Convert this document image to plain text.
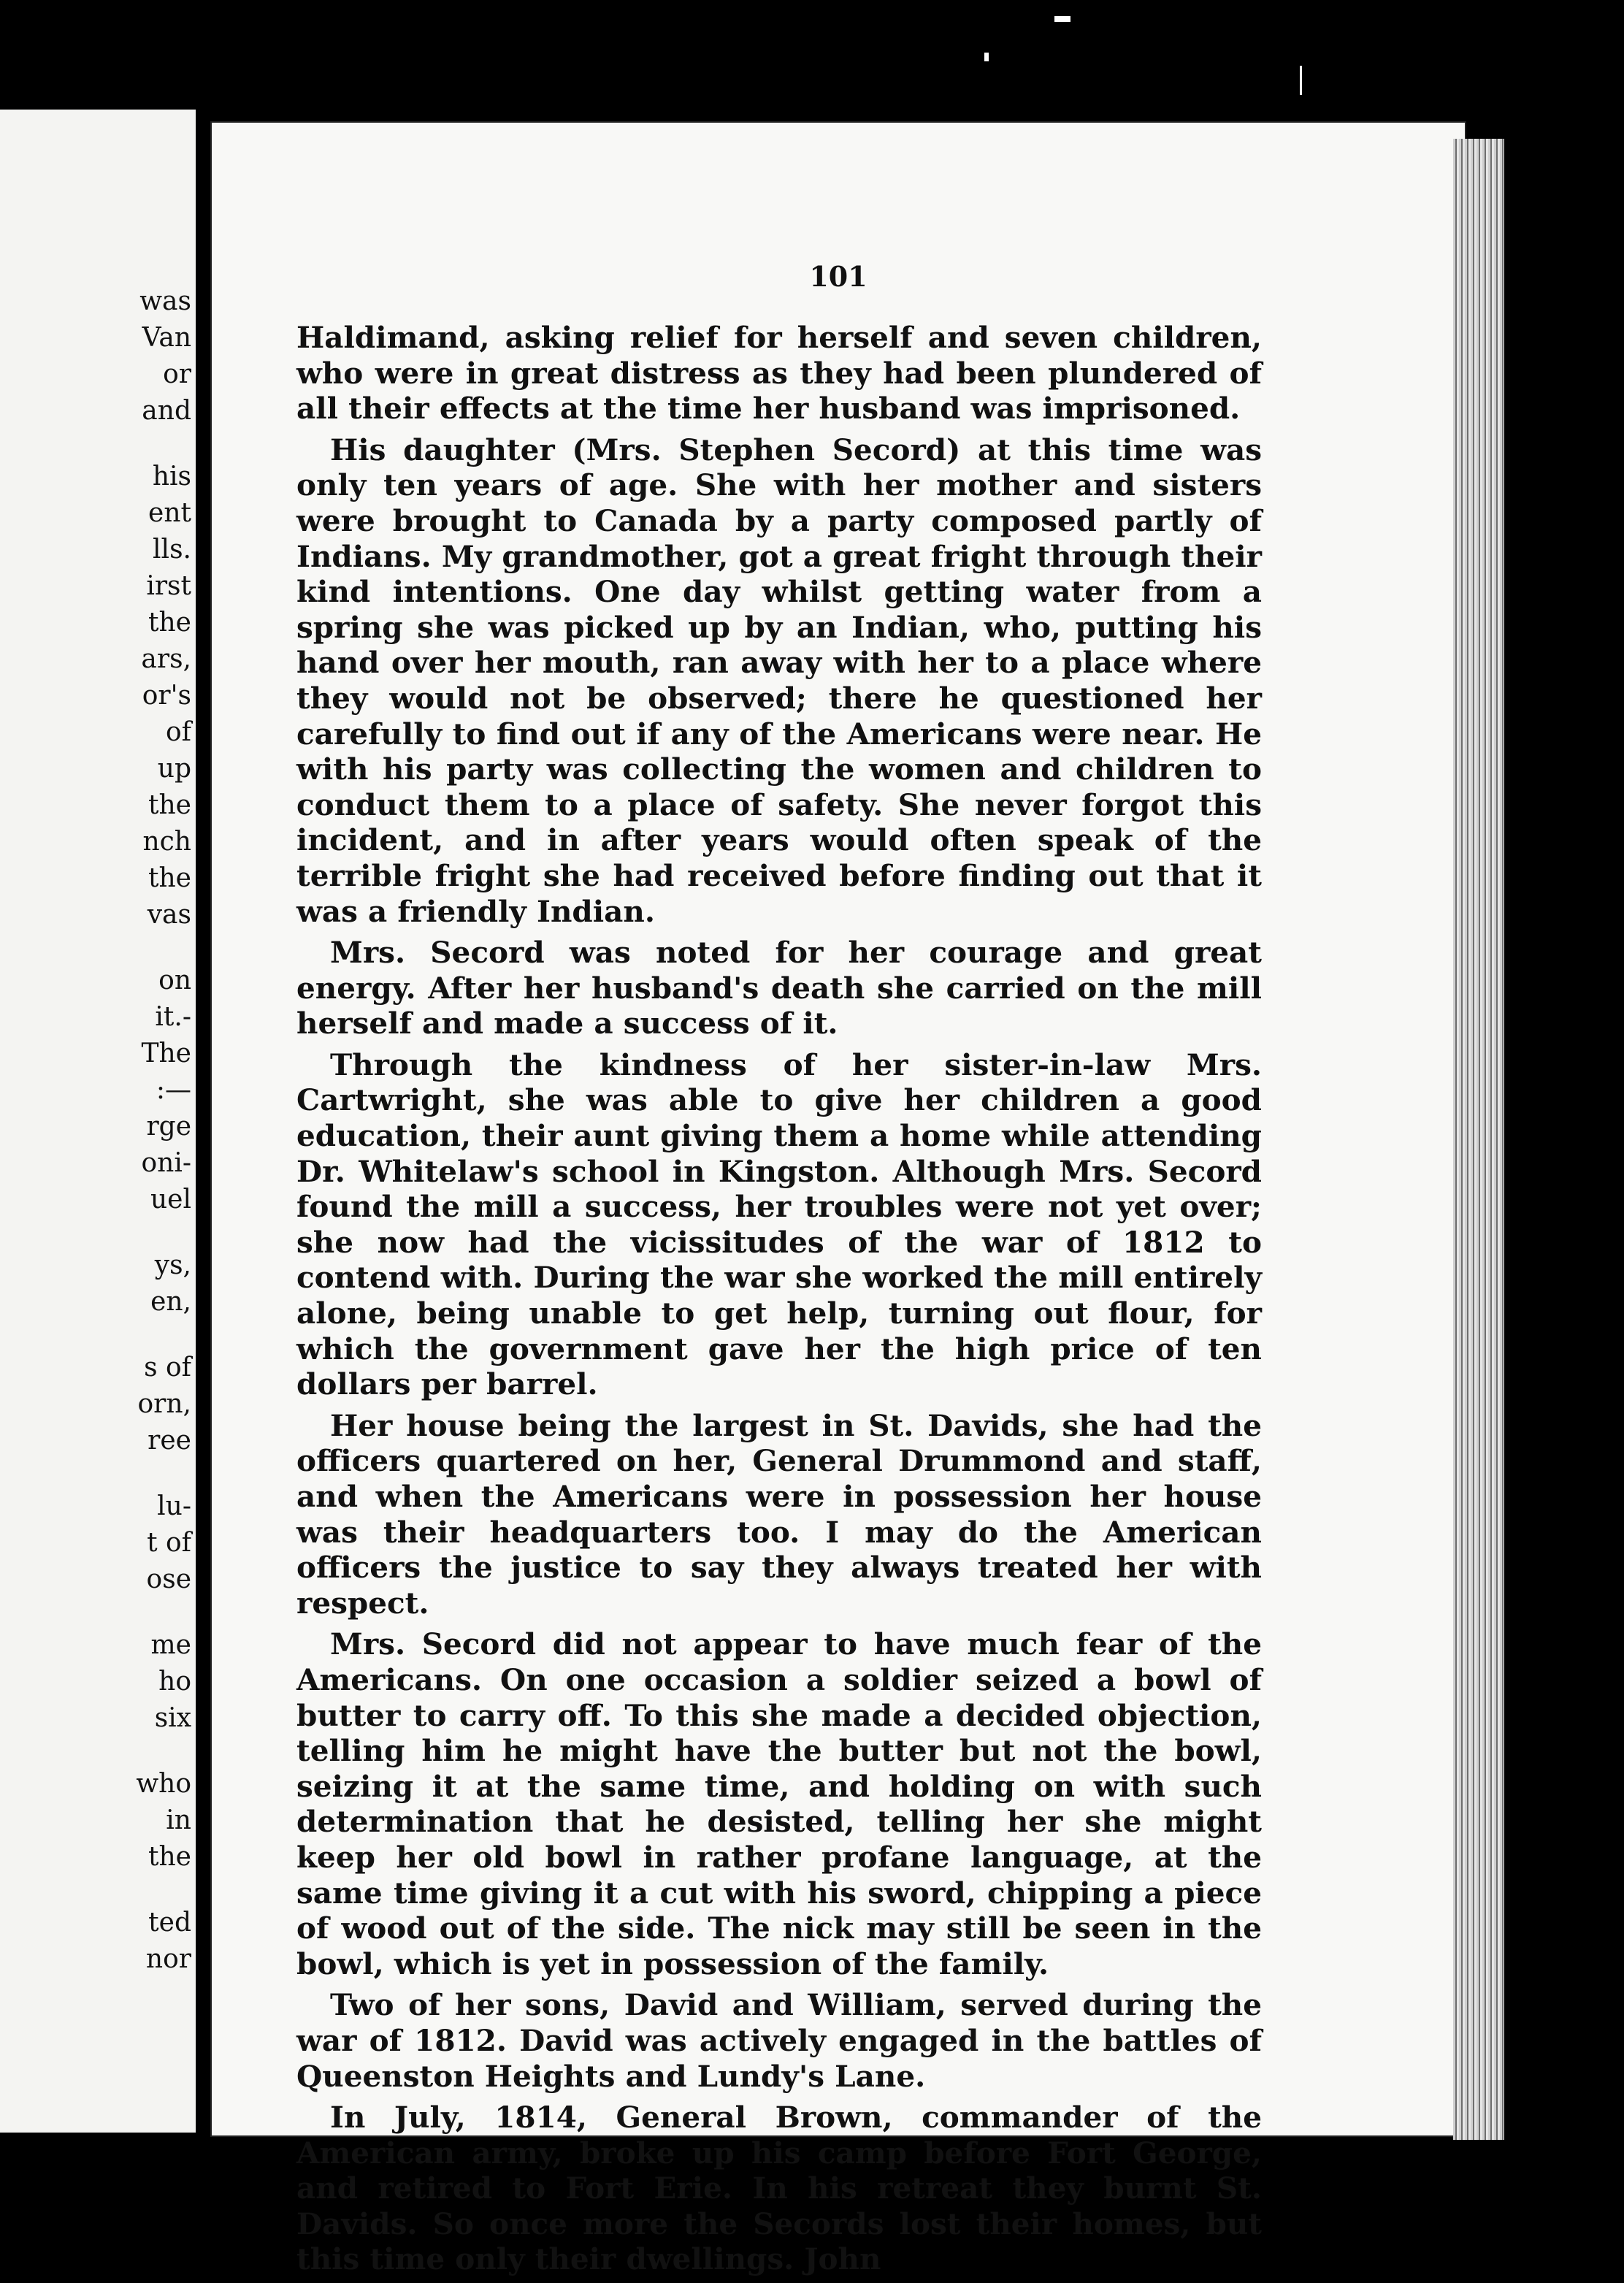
was
Van
or
and
his
ent
lls.
irst
the
ars,
or's
of
up
the
nch
the
vas
on
it.-
The
:—
rge
oni-
uel
ys,
en,
s of
orn,
ree
lu-
t of
ose
me
ho
six
who
in
the
ted
nor
101

Haldimand, asking relief for herself and seven children, who were in great distress as they had been plundered of all their effects at the time her husband was imprisoned.

His daughter (Mrs. Stephen Secord) at this time was only ten years of age. She with her mother and sisters were brought to Canada by a party composed partly of Indians. My grandmother, got a great fright through their kind intentions. One day whilst getting water from a spring she was picked up by an Indian, who, putting his hand over her mouth, ran away with her to a place where they would not be observed; there he questioned her carefully to find out if any of the Americans were near. He with his party was collecting the women and children to conduct them to a place of safety. She never forgot this incident, and in after years would often speak of the terrible fright she had received before finding out that it was a friendly Indian.

Mrs. Secord was noted for her courage and great energy. After her husband's death she carried on the mill herself and made a success of it.

Through the kindness of her sister-in-law Mrs. Cartwright, she was able to give her children a good education, their aunt giving them a home while attending Dr. Whitelaw's school in Kingston. Although Mrs. Secord found the mill a success, her troubles were not yet over; she now had the vicissitudes of the war of 1812 to contend with. During the war she worked the mill entirely alone, being unable to get help, turning out flour, for which the government gave her the high price of ten dollars per barrel.

Her house being the largest in St. Davids, she had the officers quartered on her, General Drummond and staff, and when the Americans were in possession her house was their headquarters too. I may do the American officers the justice to say they always treated her with respect.

Mrs. Secord did not appear to have much fear of the Americans. On one occasion a soldier seized a bowl of butter to carry off. To this she made a decided objection, telling him he might have the butter but not the bowl, seizing it at the same time, and holding on with such determination that he desisted, telling her she might keep her old bowl in rather profane language, at the same time giving it a cut with his sword, chipping a piece of wood out of the side. The nick may still be seen in the bowl, which is yet in possession of the family.

Two of her sons, David and William, served during the war of 1812. David was actively engaged in the battles of Queenston Heights and Lundy's Lane.

In July, 1814, General Brown, commander of the American army, broke up his camp before Fort George, and retired to Fort Erie. In his retreat they burnt St. Davids. So once more the Secords lost their homes, but this time only their dwellings. John
